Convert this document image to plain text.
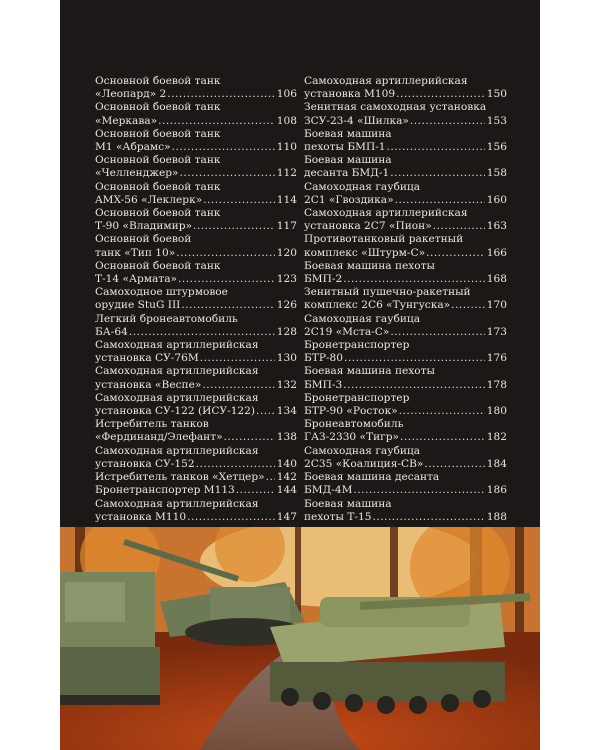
Основной боевой танк
«Леопард» 2 .....	106
Основной боевой танк
«Меркава» .....	108
Основной боевой танк
M1 «Абрамс» .....	110
Основной боевой танк
«Челленджер» .....	112
Основной боевой танк
AMX-56 «Леклерк» .....	114
Основной боевой танк
Т-90 «Владимир» .....	117
Основной боевой
танк «Тип 10» .....	120
Основной боевой танк
Т-14 «Армата» .....	123
Самоходное штурмовое
орудие StuG III .....	126
Легкий бронеавтомобиль
БА-64 .....	128
Самоходная артиллерийская
установка СУ-76М .....	130
Самоходная артиллерийская
установка «Веспе» .....	132
Самоходная артиллерийская
установка СУ-122 (ИСУ-122) ..... 134
Истребитель танков
«Фердинанд/Элефант» .....	138
Самоходная артиллерийская
установка СУ-152 .....	140
Истребитель танков «Хетцер» ..... 142
Бронетранспортер M113 .....	144
Самоходная артиллерийская
установка M110 .....	147
Самоходная артиллерийская
установка M109 .....	150
Зенитная самоходная установка
ЗСУ-23-4 «Шилка» .....	153
Боевая машина
пехоты БМП-1 .....	156
Боевая машина
десанта БМД-1 .....	158
Самоходная гаубица
2С1 «Гвоздика» .....	160
Самоходная артиллерийская
установка 2С7 «Пион» .....	163
Противотанковый ракетный
комплекс «Штурм-С» .....	166
Боевая машина пехоты
БМП-2 .....	168
Зенитный пушечно-ракетный
комплекс 2С6 «Тунгуска» .....	170
Самоходная гаубица
2С19 «Мста-С» .....	173
Бронетранспортер
БТР-80 .....	176
Боевая машина пехоты
БМП-3 .....	178
Бронетранспортер
БТР-90 «Росток» .....	180
Бронеавтомобиль
ГАЗ-2330 «Тигр» .....	182
Самоходная гаубица
2С35 «Коалиция-СВ» .....	184
Боевая машина десанта
БМД-4М .....	186
Боевая машина
пехоты Т-15 .....	188
